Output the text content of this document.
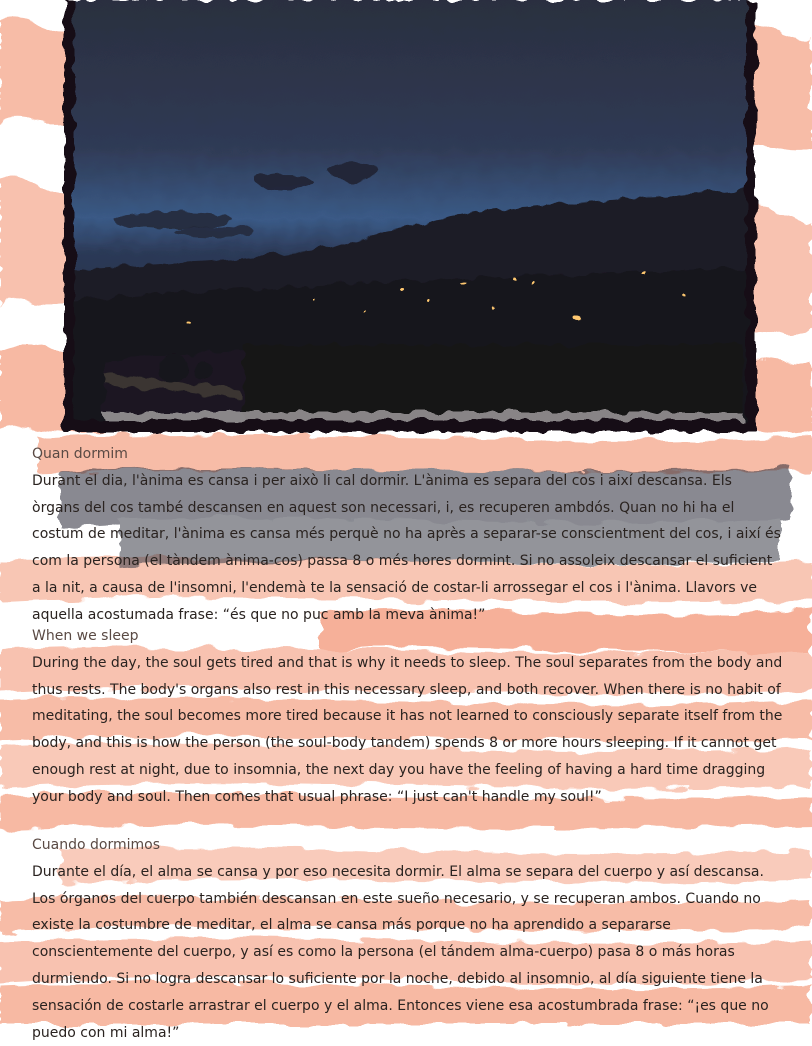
Quan dormim
Durant el dia, l'ànima es cansa i per això li cal dormir. L'ànima es separa del cos i així descansa. Els òrgans del cos també descansen en aquest son necessari, i, es recuperen ambdós. Quan no hi ha el costum de meditar, l'ànima es cansa més perquè no ha après a separar-se conscientment del cos, i així és com la persona (el tàndem ànima-cos) passa 8 o més hores dormint. Si no assoleix descansar el suficient a la nit, a causa de l'insomni, l'endemà te la sensació de costar-li arrossegar el cos i l'ànima. Llavors ve aquella acostumada frase: “és que no puc amb la meva ànima!”
When we sleep
During the day, the soul gets tired and that is why it needs to sleep. The soul separates from the body and thus rests. The body's organs also rest in this necessary sleep, and both recover. When there is no habit of meditating, the soul becomes more tired because it has not learned to consciously separate itself from the body, and this is how the person (the soul-body tandem) spends 8 or more hours sleeping. If it cannot get enough rest at night, due to insomnia, the next day you have the feeling of having a hard time dragging your body and soul. Then comes that usual phrase: “I just can't handle my soul!”
Cuando dormimos
Durante el día, el alma se cansa y por eso necesita dormir. El alma se separa del cuerpo y así descansa. Los órganos del cuerpo también descansan en este sueño necesario, y se recuperan ambos. Cuando no existe la costumbre de meditar, el alma se cansa más porque no ha aprendido a separarse conscientemente del cuerpo, y así es como la persona (el tándem alma-cuerpo) pasa 8 o más horas durmiendo. Si no logra descansar lo suficiente por la noche, debido al insomnio, al día siguiente tiene la sensación de costarle arrastrar el cuerpo y el alma. Entonces viene esa acostumbrada frase: “¡es que no puedo con mi alma!”
